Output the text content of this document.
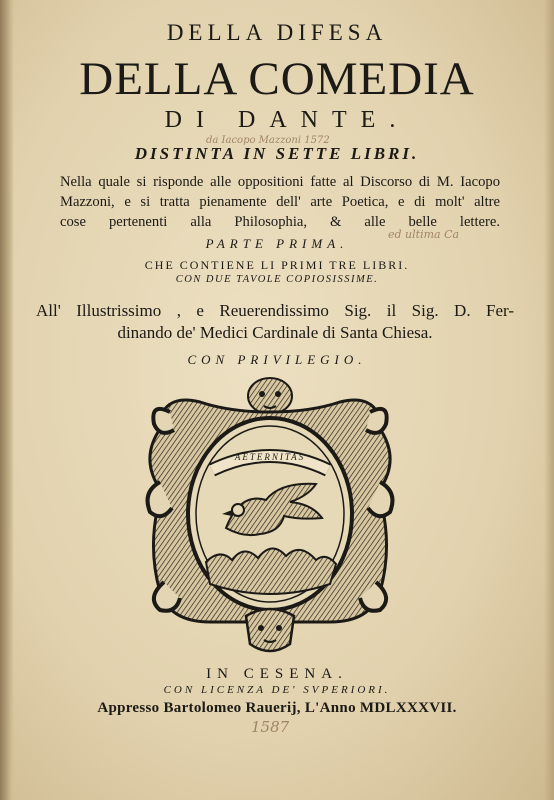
DELLA DIFESA
DELLA COMEDIA
DI DANTE.
DISTINTA IN SETTE LIBRI.
da Iacopo Mazzoni 1572
Nella quale si risponde alle oppositioni fatte al Discorso di M. Iacopo
Mazzoni, e si tratta pienamente dell' arte Poetica, e di molt' altre
cose pertenenti alla Philosophia, & alle belle lettere.
PARTE PRIMA.
ed ultima Ca
CHE CONTIENE LI PRIMI TRE LIBRI.
CON DUE TAVOLE COPIOSISSIME.
All' Illustrissimo , e Reuerendissimo Sig. il Sig. D. Fer-
dinando de' Medici Cardinale di Santa Chiesa.
CON PRIVILEGIO.
AETERNITAS
IN CESENA.
CON LICENZA DE' SVPERIORI.
Appresso Bartolomeo Rauerij, L'Anno MDLXXXVII.
1587
